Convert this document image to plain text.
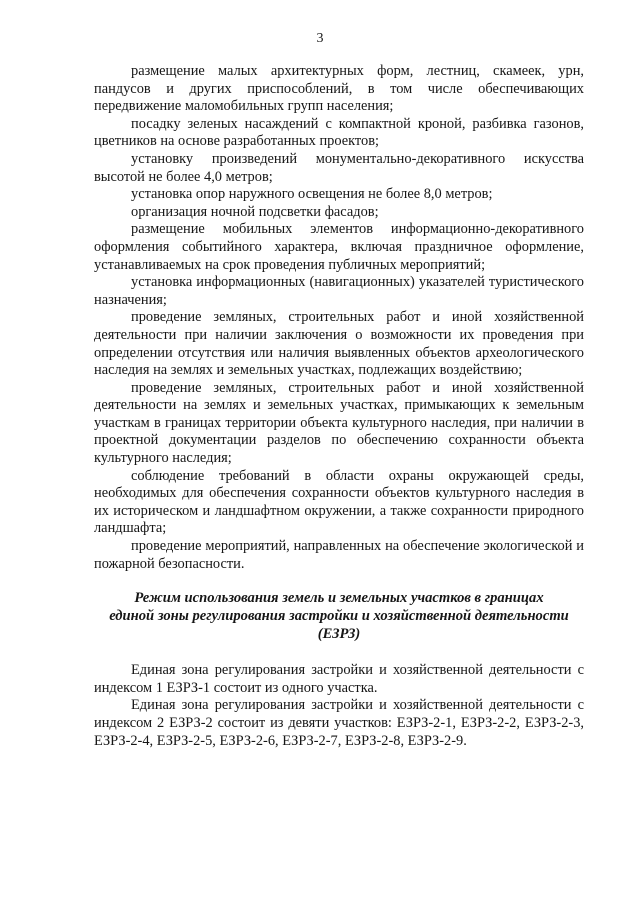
3

размещение малых архитектурных форм, лестниц, скамеек, урн, пандусов и других приспособлений, в том числе обеспечивающих передвижение маломобильных групп населения;

посадку зеленых насаждений с компактной кроной, разбивка газонов, цветников на основе разработанных проектов;

установку произведений монументально-декоративного искусства высотой не более 4,0 метров;

установка опор наружного освещения не более 8,0 метров;

организация ночной подсветки фасадов;

размещение мобильных элементов информационно-декоративного оформления событийного характера, включая праздничное оформление, устанавливаемых на срок проведения публичных мероприятий;

установка информационных (навигационных) указателей туристического назначения;

проведение земляных, строительных работ и иной хозяйственной деятельности при наличии заключения о возможности их проведения при определении отсутствия или наличия выявленных объектов археологического наследия на землях и земельных участках, подлежащих воздействию;

проведение земляных, строительных работ и иной хозяйственной деятельности на землях и земельных участках, примыкающих к земельным участкам в границах территории объекта культурного наследия, при наличии в проектной документации разделов по обеспечению сохранности объекта культурного наследия;

соблюдение требований в области охраны окружающей среды, необходимых для обеспечения сохранности объектов культурного наследия в их историческом и ландшафтном окружении, а также сохранности природного ландшафта;

проведение мероприятий, направленных на обеспечение экологической и пожарной безопасности.

Режим использования земель и земельных участков в границах
единой зоны регулирования застройки и хозяйственной деятельности
(ЕЗРЗ)

Единая зона регулирования застройки и хозяйственной деятельности с индексом 1 ЕЗРЗ-1 состоит из одного участка.

Единая зона регулирования застройки и хозяйственной деятельности с индексом 2 ЕЗРЗ-2 состоит из девяти участков: ЕЗРЗ-2-1, ЕЗРЗ-2-2, ЕЗРЗ-2-3, ЕЗРЗ-2-4, ЕЗРЗ-2-5, ЕЗРЗ-2-6, ЕЗРЗ-2-7, ЕЗРЗ-2-8, ЕЗРЗ-2-9.
